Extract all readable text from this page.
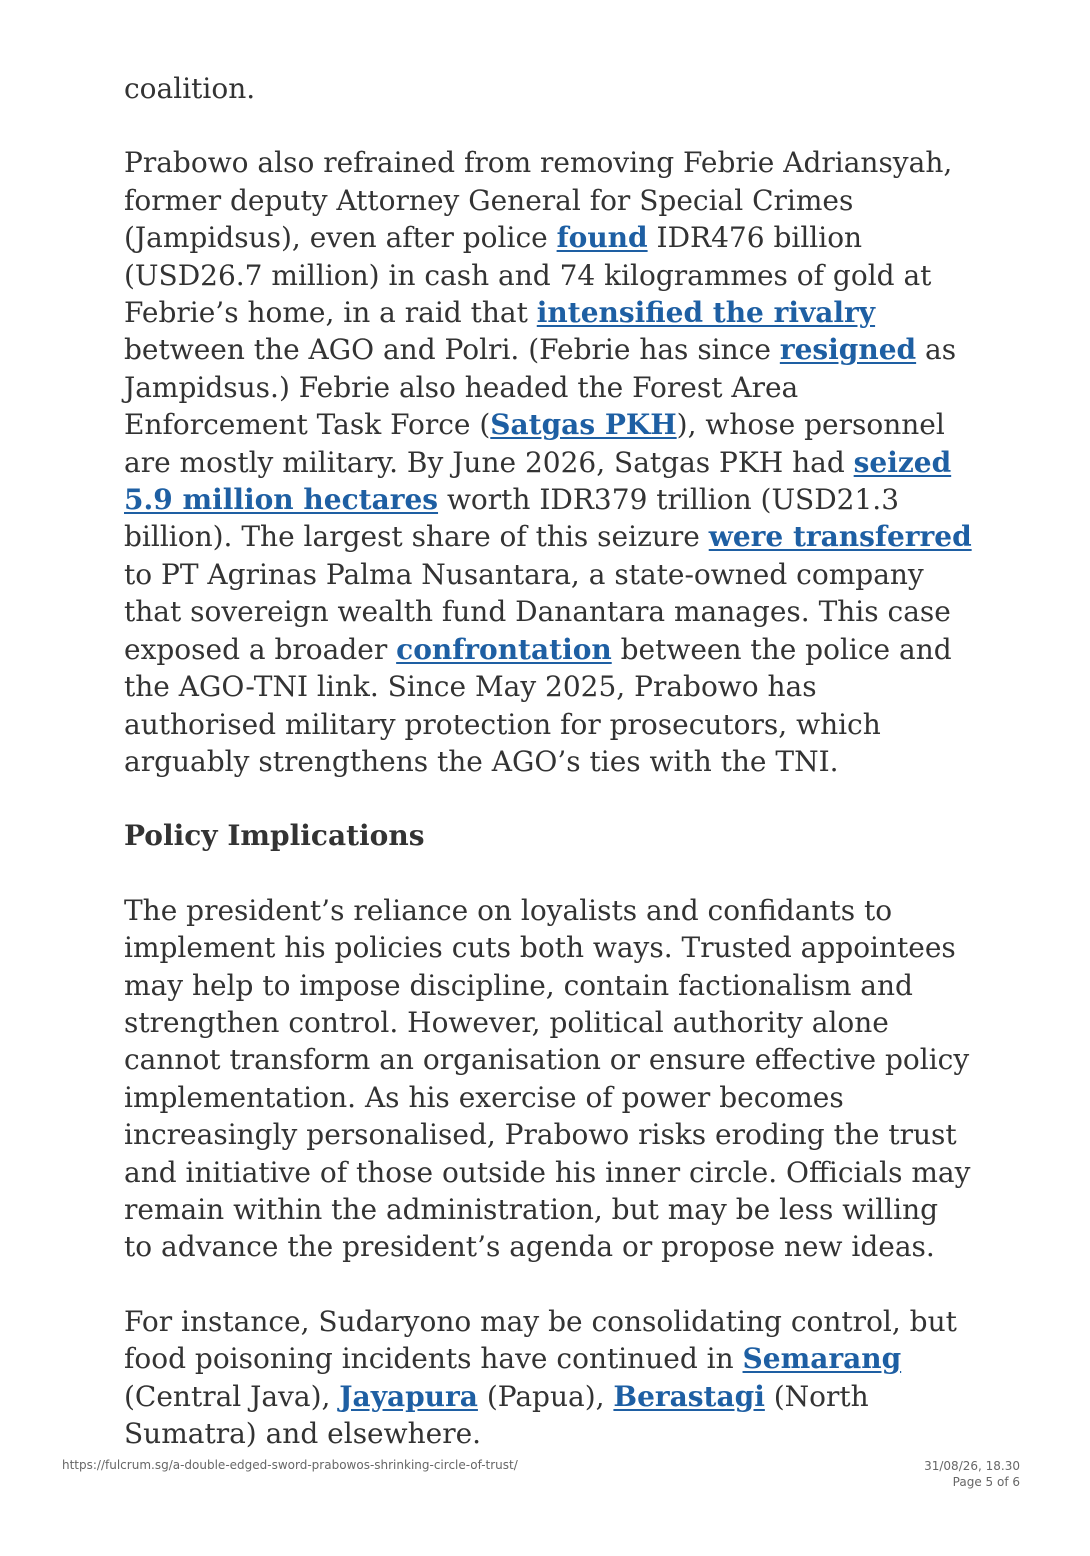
coalition.

Prabowo also refrained from removing Febrie Adriansyah, former deputy Attorney General for Special Crimes (Jampidsus), even after police found IDR476 billion (USD26.7 million) in cash and 74 kilogrammes of gold at Febrie’s home, in a raid that intensified the rivalry between the AGO and Polri. (Febrie has since resigned as Jampidsus.) Febrie also headed the Forest Area Enforcement Task Force (Satgas PKH), whose personnel are mostly military. By June 2026, Satgas PKH had seized 5.9 million hectares worth IDR379 trillion (USD21.3 billion). The largest share of this seizure were transferred to PT Agrinas Palma Nusantara, a state-owned company that sovereign wealth fund Danantara manages. This case exposed a broader confrontation between the police and the AGO-TNI link. Since May 2025, Prabowo has authorised military protection for prosecutors, which arguably strengthens the AGO’s ties with the TNI.

Policy Implications

The president’s reliance on loyalists and confidants to implement his policies cuts both ways. Trusted appointees may help to impose discipline, contain factionalism and strengthen control. However, political authority alone cannot transform an organisation or ensure effective policy implementation. As his exercise of power becomes increasingly personalised, Prabowo risks eroding the trust and initiative of those outside his inner circle. Officials may remain within the administration, but may be less willing to advance the president’s agenda or propose new ideas.

For instance, Sudaryono may be consolidating control, but food poisoning incidents have continued in Semarang (Central Java), Jayapura (Papua), Berastagi (North Sumatra) and elsewhere.

https://fulcrum.sg/a-double-edged-sword-prabowos-shrinking-circle-of-trust/	31/08/26, 18.30
Page 5 of 6
